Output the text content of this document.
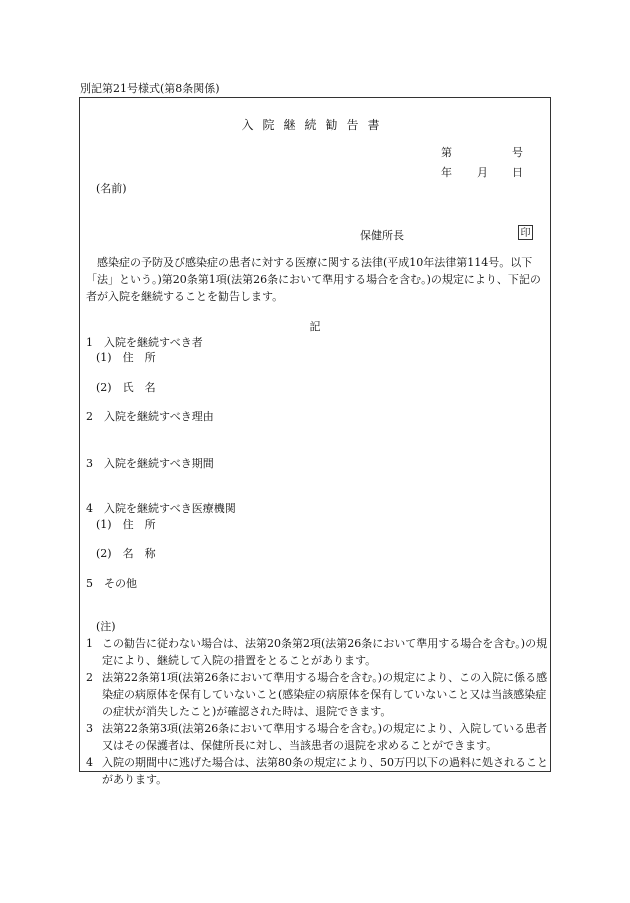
別記第21号様式(第8条関係)
入院継続勧告書
第	号
年 月 日
(名前)
保健所長	印
感染症の予防及び感染症の患者に対する医療に関する法律(平成10年法律第114号。以下「法」という。)第20条第1項(法第26条において準用する場合を含む。)の規定により、下記の者が入院を継続することを勧告します。
記
1　入院を継続すべき者
(1)　住　所
(2)　氏　名
2　入院を継続すべき理由
3　入院を継続すべき期間
4　入院を継続すべき医療機関
(1)　住　所
(2)　名　称
5　その他
(注)

1 この勧告に従わない場合は、法第20条第2項(法第26条において準用する場合を含む。)の規定により、継続して入院の措置をとることがあります。

2 法第22条第1項(法第26条において準用する場合を含む。)の規定により、この入院に係る感染症の病原体を保有していないこと(感染症の病原体を保有していないこと又は当該感染症の症状が消失したこと)が確認された時は、退院できます。

3 法第22条第3項(法第26条において準用する場合を含む。)の規定により、入院している患者又はその保護者は、保健所長に対し、当該患者の退院を求めることができます。

4 入院の期間中に逃げた場合は、法第80条の規定により、50万円以下の過料に処されることがあります。
